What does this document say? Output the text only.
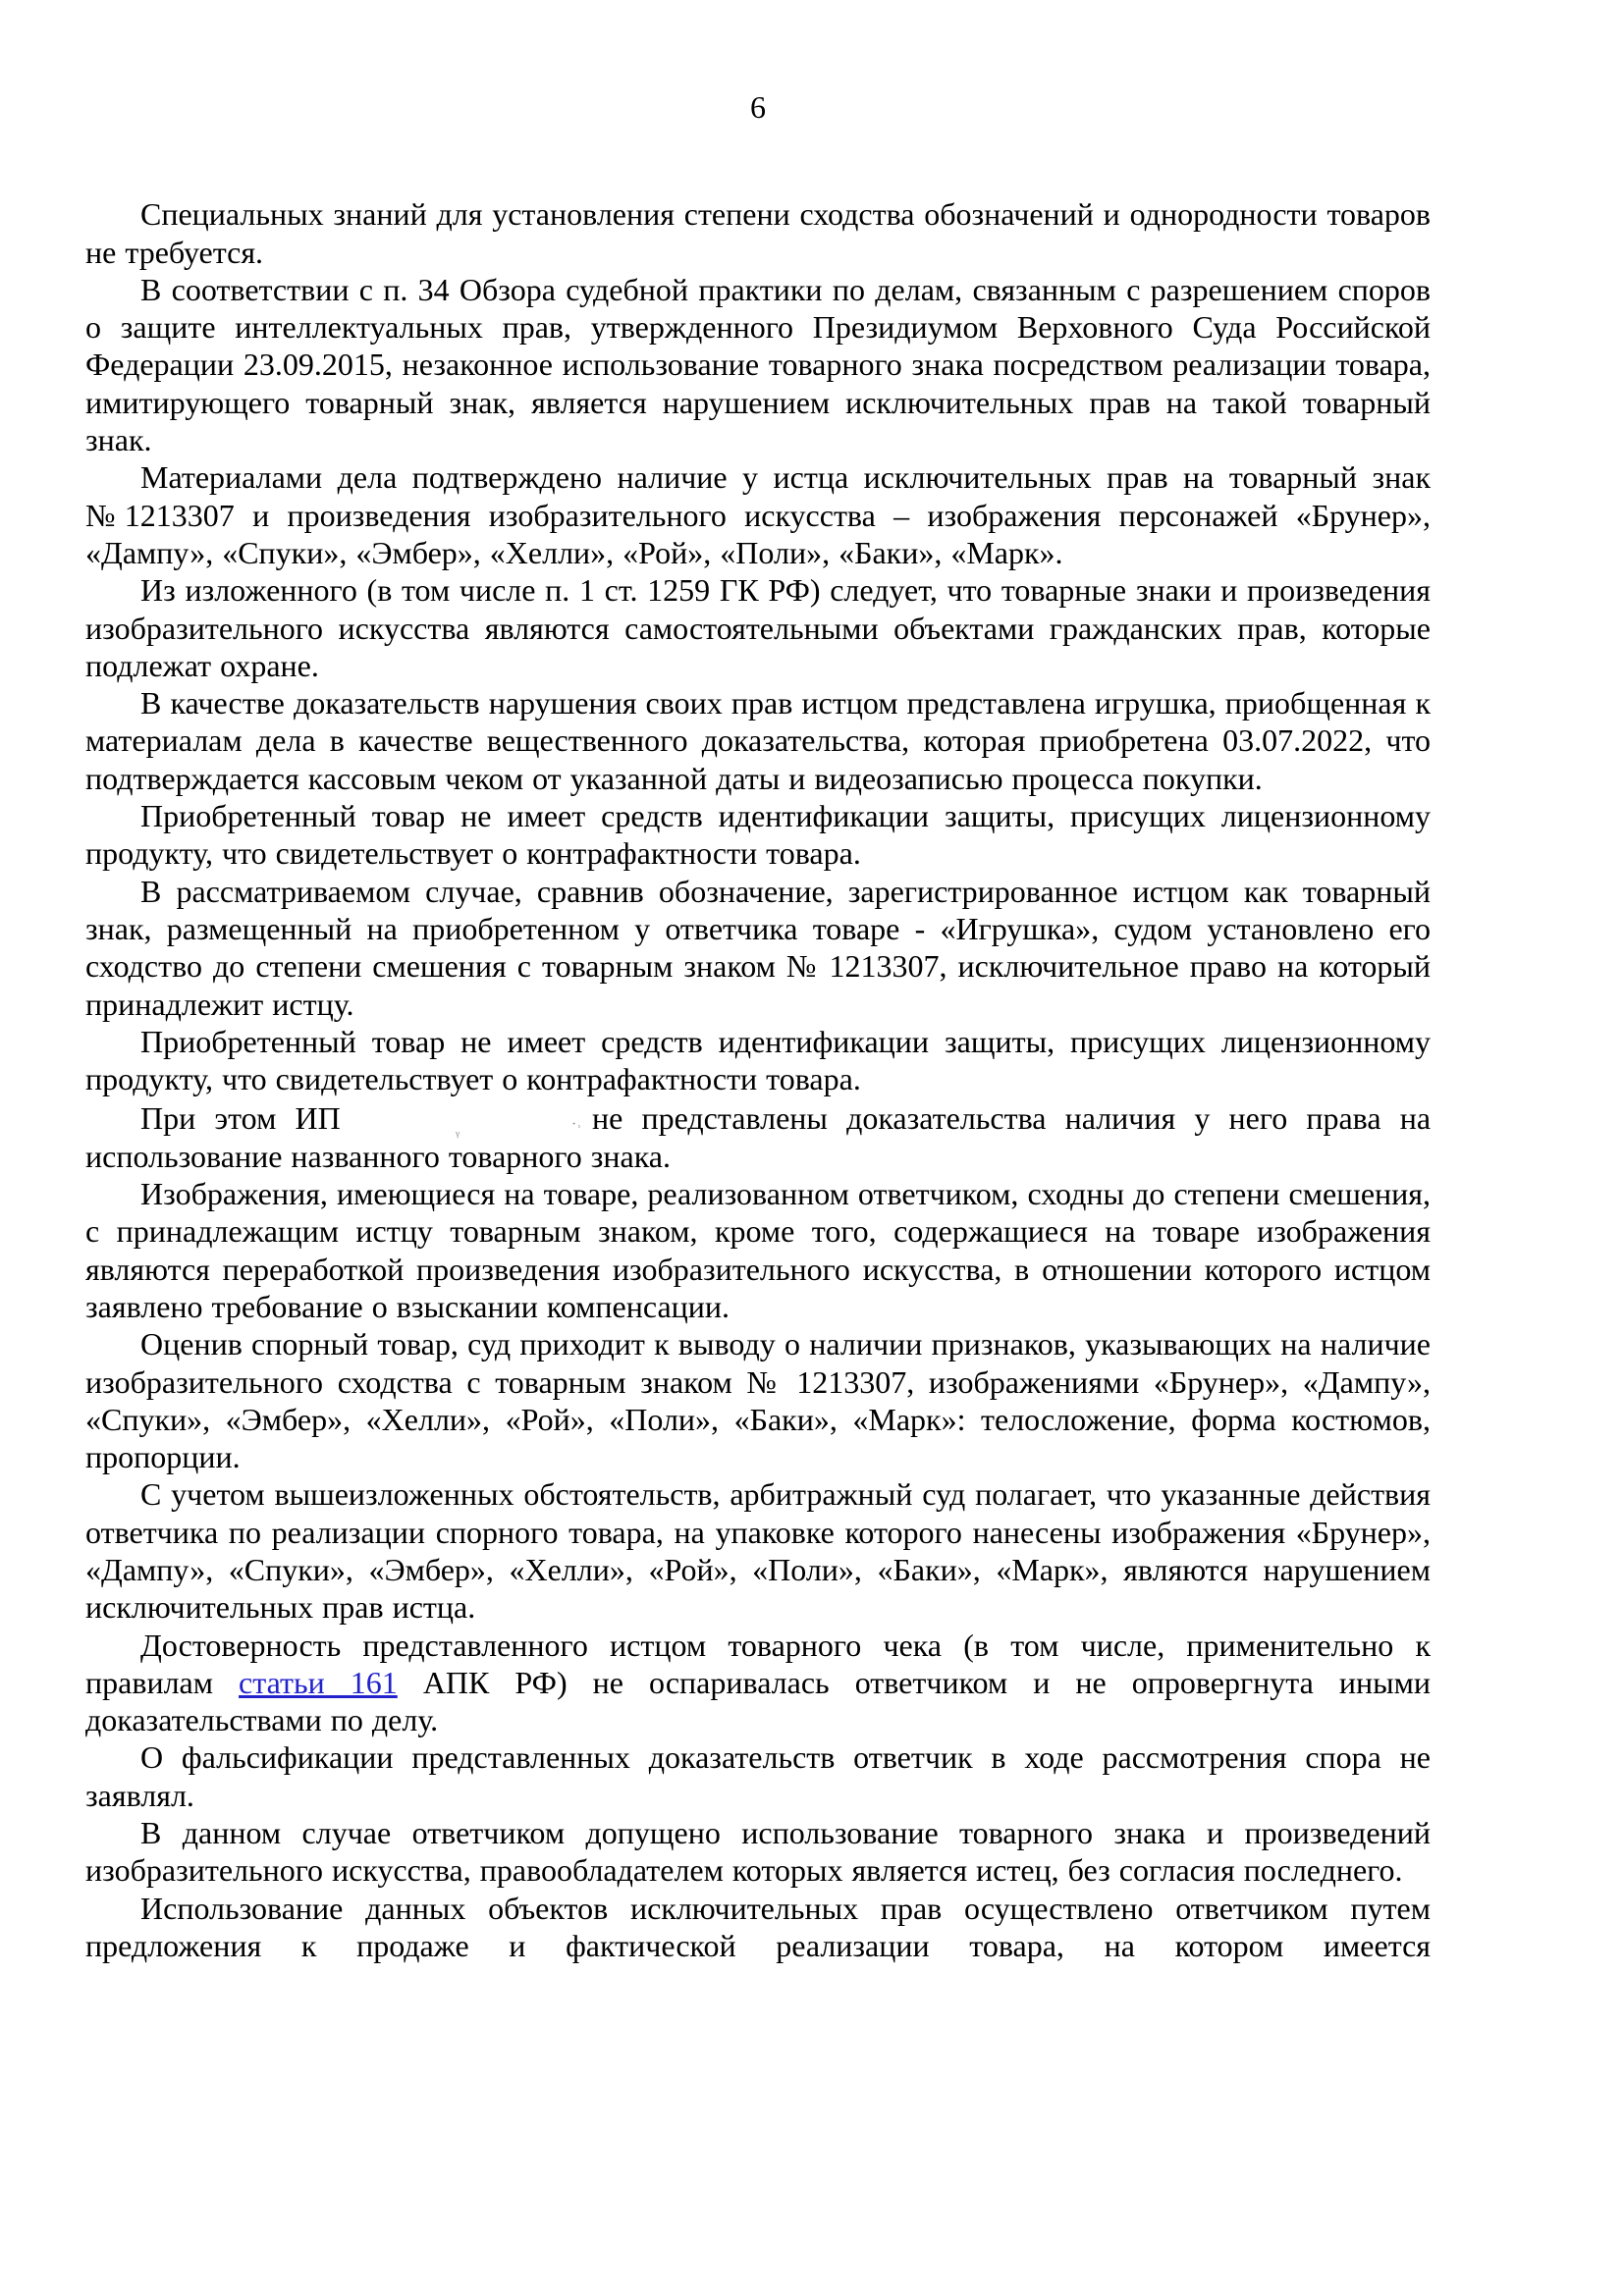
6

Специальных знаний для установления степени сходства обозначений и однородности товаров не требуется.

В соответствии с п. 34 Обзора судебной практики по делам, связанным с разрешением споров о защите интеллектуальных прав, утвержденного Президиумом Верховного Суда Российской Федерации 23.09.2015, незаконное использование товарного знака посредством реализации товара, имитирующего товарный знак, является нарушением исключительных прав на такой товарный знак.

Материалами дела подтверждено наличие у истца исключительных прав на товарный знак №1213307 и произведения изобразительного искусства – изображения персонажей «Брунер», «Дампу», «Спуки», «Эмбер», «Хелли», «Рой», «Поли», «Баки», «Марк».

Из изложенного (в том числе п. 1 ст. 1259 ГК РФ) следует, что товарные знаки и произведения изобразительного искусства являются самостоятельными объектами гражданских прав, которые подлежат охране.

В качестве доказательств нарушения своих прав истцом представлена игрушка, приобщенная к материалам дела в качестве вещественного доказательства, которая приобретена 03.07.2022, что подтверждается кассовым чеком от указанной даты и видеозаписью процесса покупки.

Приобретенный товар не имеет средств идентификации защиты, присущих лицензионному продукту, что свидетельствует о контрафактности товара.

В рассматриваемом случае, сравнив обозначение, зарегистрированное истцом как товарный знак, размещенный на приобретенном у ответчика товаре - «Игрушка», судом установлено его сходство до степени смешения с товарным знаком № 1213307, исключительное право на который принадлежит истцу.

Приобретенный товар не имеет средств идентификации защиты, присущих лицензионному продукту, что свидетельствует о контрафактности товара.

При этом ИП	ᵧ	·˒ не представлены доказательства наличия у него права на использование названного товарного знака.

Изображения, имеющиеся на товаре, реализованном ответчиком, сходны до степени смешения, с принадлежащим истцу товарным знаком, кроме того, содержащиеся на товаре изображения являются переработкой произведения изобразительного искусства, в отношении которого истцом заявлено требование о взыскании компенсации.

Оценив спорный товар, суд приходит к выводу о наличии признаков, указывающих на наличие изобразительного сходства с товарным знаком № 1213307, изображениями «Брунер», «Дампу», «Спуки», «Эмбер», «Хелли», «Рой», «Поли», «Баки», «Марк»: телосложение, форма костюмов, пропорции.

С учетом вышеизложенных обстоятельств, арбитражный суд полагает, что указанные действия ответчика по реализации спорного товара, на упаковке которого нанесены изображения «Брунер», «Дампу», «Спуки», «Эмбер», «Хелли», «Рой», «Поли», «Баки», «Марк», являются нарушением исключительных прав истца.

Достоверность представленного истцом товарного чека (в том числе, применительно к правилам статьи 161 АПК РФ) не оспаривалась ответчиком и не опровергнута иными доказательствами по делу.

О фальсификации представленных доказательств ответчик в ходе рассмотрения спора не заявлял.

В данном случае ответчиком допущено использование товарного знака и произведений изобразительного искусства, правообладателем которых является истец, без согласия последнего.

Использование данных объектов исключительных прав осуществлено ответчиком путем предложения к продаже и фактической реализации товара, на котором имеется
